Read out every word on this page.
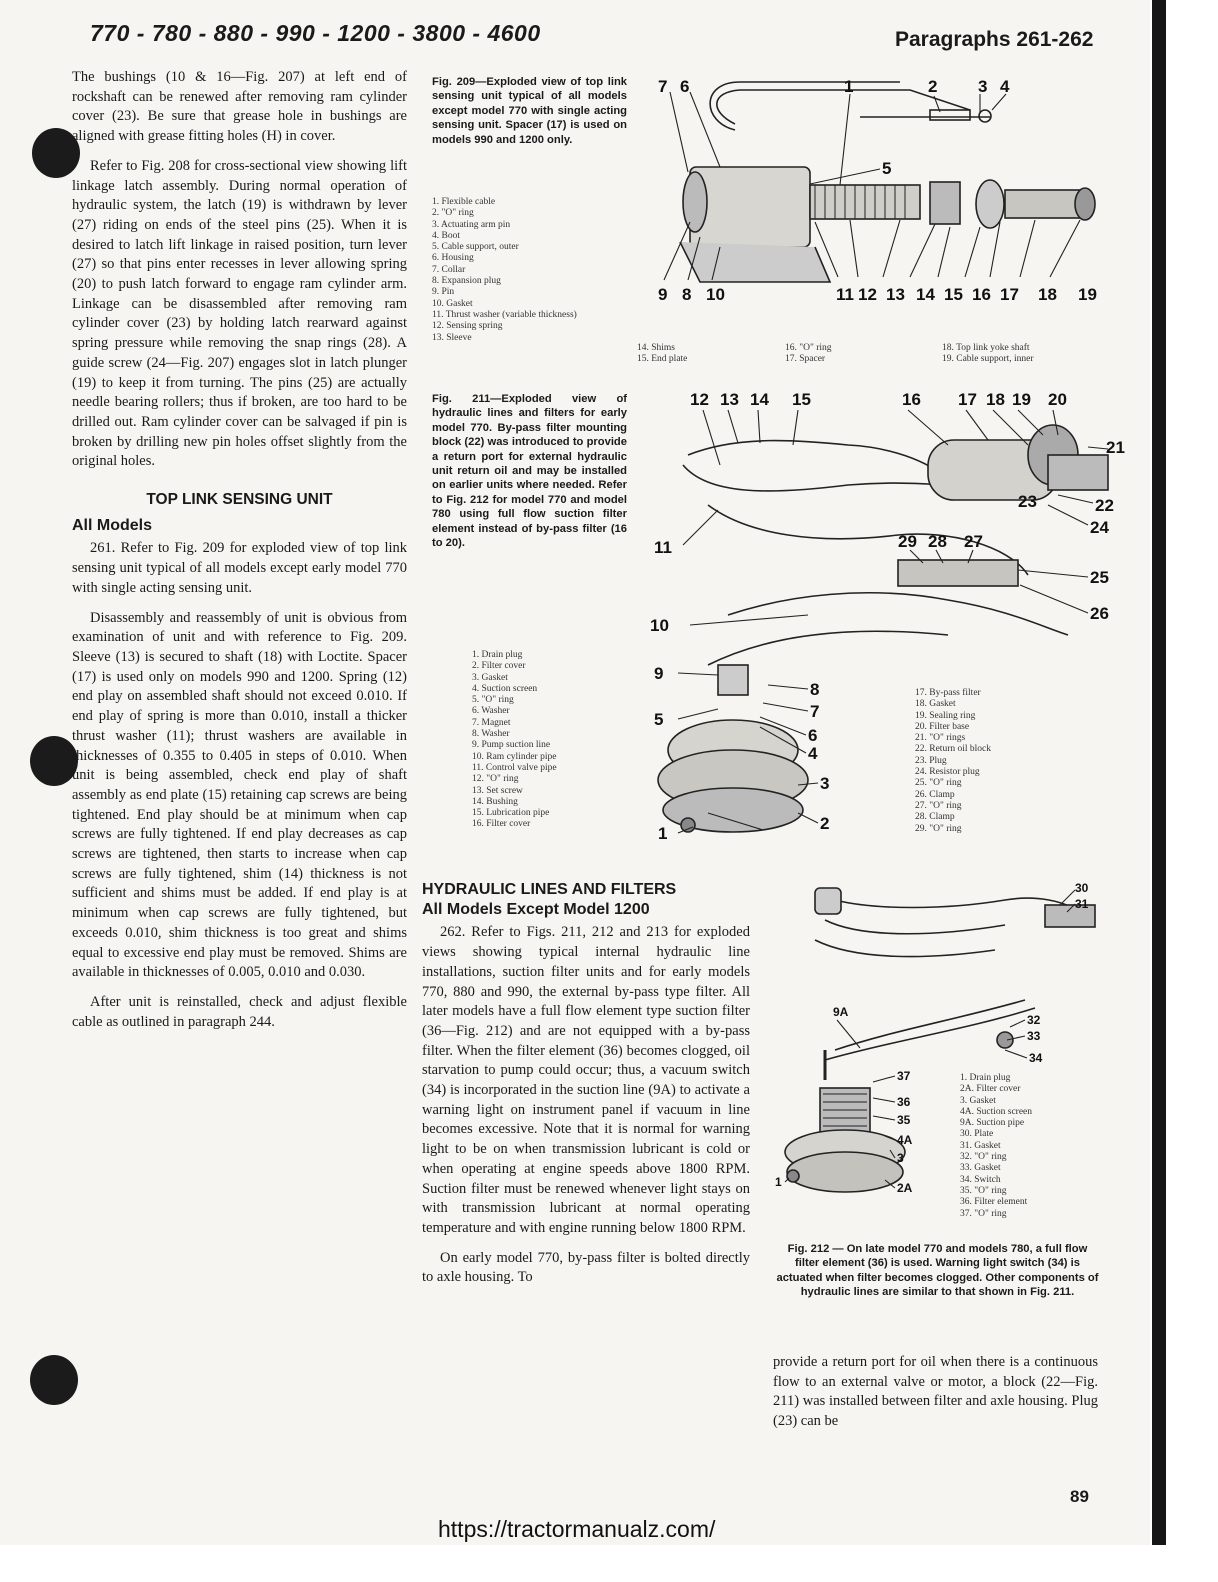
770 - 780 - 880 - 990 - 1200 - 3800 - 4600	Paragraphs 261-262

The bushings (10 & 16—Fig. 207) at left end of rockshaft can be renewed after removing ram cylinder cover (23). Be sure that grease hole in bushings are aligned with grease fitting holes (H) in cover.

Refer to Fig. 208 for cross-sectional view showing lift linkage latch assembly. During normal operation of hydraulic system, the latch (19) is withdrawn by lever (27) riding on ends of the steel pins (25). When it is desired to latch lift linkage in raised position, turn lever (27) so that pins enter recesses in lever allowing spring (20) to push latch forward to engage ram cylinder arm. Linkage can be disassembled after removing ram cylinder cover (23) by holding latch rearward against spring pressure while removing the snap rings (28). A guide screw (24—Fig. 207) engages slot in latch plunger (19) to keep it from turning. The pins (25) are actually needle bearing rollers; thus if broken, are too hard to be drilled out. Ram cylinder cover can be salvaged if pin is broken by drilling new pin holes offset slightly from the original holes.

TOP LINK SENSING UNIT
All Models

261. Refer to Fig. 209 for exploded view of top link sensing unit typical of all models except early model 770 with single acting sensing unit.

Disassembly and reassembly of unit is obvious from examination of unit and with reference to Fig. 209. Sleeve (13) is secured to shaft (18) with Loctite. Spacer (17) is used only on models 990 and 1200. Spring (12) end play on assembled shaft should not exceed 0.010. If end play of spring is more than 0.010, install a thicker thrust washer (11); thrust washers are available in thicknesses of 0.355 to 0.405 in steps of 0.010. When unit is being assembled, check end play of shaft assembly as end plate (15) retaining cap screws are being tightened. End play should be at minimum when cap screws are fully tightened. If end play decreases as cap screws are tightened, then starts to increase when cap screws are fully tightened, shim (14) thickness is not sufficient and shims must be added. If end play is at minimum when cap screws are fully tightened, but exceeds 0.010, shim thickness is too great and shims equal to excessive end play must be removed. Shims are available in thicknesses of 0.005, 0.010 and 0.030.

After unit is reinstalled, check and adjust flexible cable as outlined in paragraph 244.

Fig. 209—Exploded view of top link sensing unit typical of all models except model 770 with single acting sensing unit. Spacer (17) is used on models 990 and 1200 only.
1. Flexible cable
2. "O" ring
3. Actuating arm pin
4. Boot
5. Cable support, outer
6. Housing
7. Collar
8. Expansion plug
9. Pin
10. Gasket
11. Thrust washer (variable thickness)
12. Sensing spring
13. Sleeve
14. Shims
15. End plate
16. "O" ring
17. Spacer
18. Top link yoke shaft
19. Cable support, inner
7 6	1	2 3 4
5
9 8 10	11 12 13 14 15 16 17 18 19
Fig. 211—Exploded view of hydraulic lines and filters for early model 770. By-pass filter mounting block (22) was introduced to provide a return port for external hydraulic unit return oil and may be installed on earlier units where needed. Refer to Fig. 212 for model 770 and model 780 using full flow suction filter element instead of by-pass filter (16 to 20).
1. Drain plug
2. Filter cover
3. Gasket
4. Suction screen
5. "O" ring
6. Washer
7. Magnet
8. Washer
9. Pump suction line
10. Ram cylinder pipe
11. Control valve pipe
12. "O" ring
13. Set screw
14. Bushing
15. Lubrication pipe
16. Filter cover
17. By-pass filter
18. Gasket
19. Sealing ring
20. Filter base
21. "O" rings
22. Return oil block
23. Plug
24. Resistor plug
25. "O" ring
26. Clamp
27. "O" ring
28. Clamp
29. "O" ring
12 13 14 15	16 17 18 19 20
21
22
23
24
11	29 28 27
25
26
10
9
8
7
5
6
4
3
2
1
HYDRAULIC LINES AND FILTERS
All Models Except Model 1200

262. Refer to Figs. 211, 212 and 213 for exploded views showing typical internal hydraulic line installations, suction filter units and for early models 770, 880 and 990, the external by-pass type filter. All later models have a full flow element type suction filter (36—Fig. 212) and are not equipped with a by-pass filter. When the filter element (36) becomes clogged, oil starvation to pump could occur; thus, a vacuum switch (34) is incorporated in the suction line (9A) to activate a warning light on instrument panel if vacuum in line becomes excessive. Note that it is normal for warning light to be on when transmission lubricant is cold or when operating at engine speeds above 1800 RPM. Suction filter must be renewed whenever light stays on with transmission lubricant at normal operating temperature and with engine running below 1800 RPM.

On early model 770, by-pass filter is bolted directly to axle housing. To

30
31
9A
32
33
34
37
36
35
4A
3
1	2A
1. Drain plug
2A. Filter cover
3. Gasket
4A. Suction screen
9A. Suction pipe
30. Plate
31. Gasket
32. "O" ring
33. Gasket
34. Switch
35. "O" ring
36. Filter element
37. "O" ring
Fig. 212 — On late model 770 and models 780, a full flow filter element (36) is used. Warning light switch (34) is actuated when filter becomes clogged. Other components of hydraulic lines are similar to that shown in Fig. 211.

provide a return port for oil when there is a continuous flow to an external valve or motor, a block (22—Fig. 211) was installed between filter and axle housing. Plug (23) can be

89
https://tractormanualz.com/
